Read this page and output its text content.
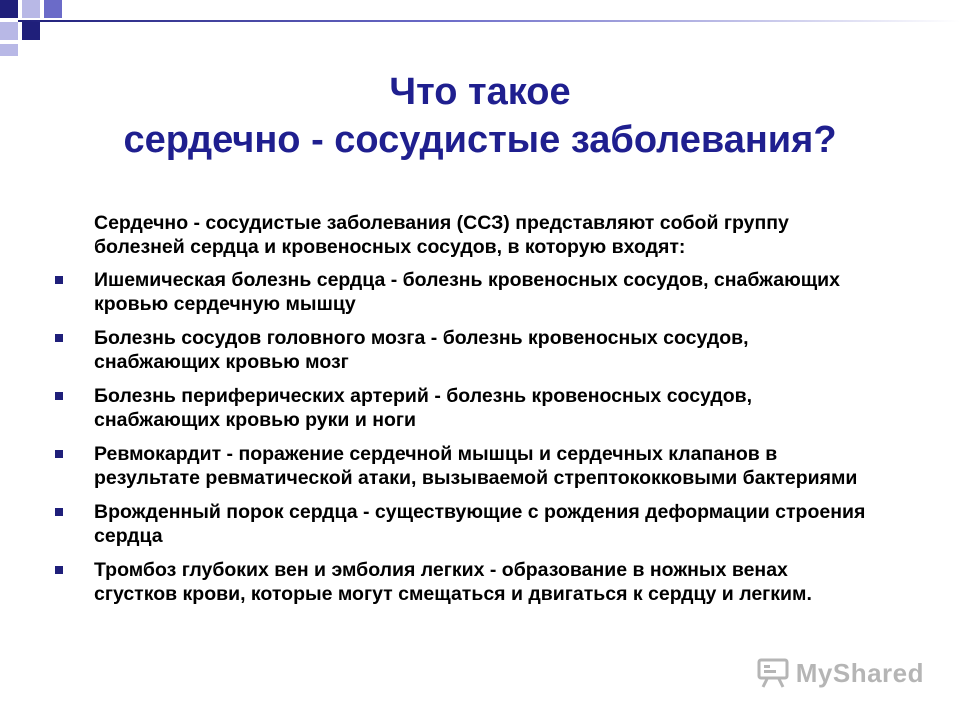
Что такое
сердечно - сосудистые заболевания?
Сердечно - сосудистые заболевания (ССЗ) представляют собой группу болезней сердца и кровеносных сосудов, в которую входят:
Ишемическая болезнь сердца - болезнь кровеносных сосудов, снабжающих кровью сердечную мышцу
Болезнь сосудов головного мозга - болезнь кровеносных сосудов, снабжающих кровью мозг
Болезнь периферических артерий - болезнь кровеносных сосудов, снабжающих кровью руки и ноги
Ревмокардит - поражение сердечной мышцы и сердечных клапанов в результате ревматической атаки, вызываемой стрептококковыми бактериями
Врожденный порок сердца - существующие с рождения деформации строения сердца
Тромбоз глубоких вен и эмболия легких - образование в ножных венах сгустков крови, которые могут смещаться и двигаться к сердцу и легким.
MyShared
